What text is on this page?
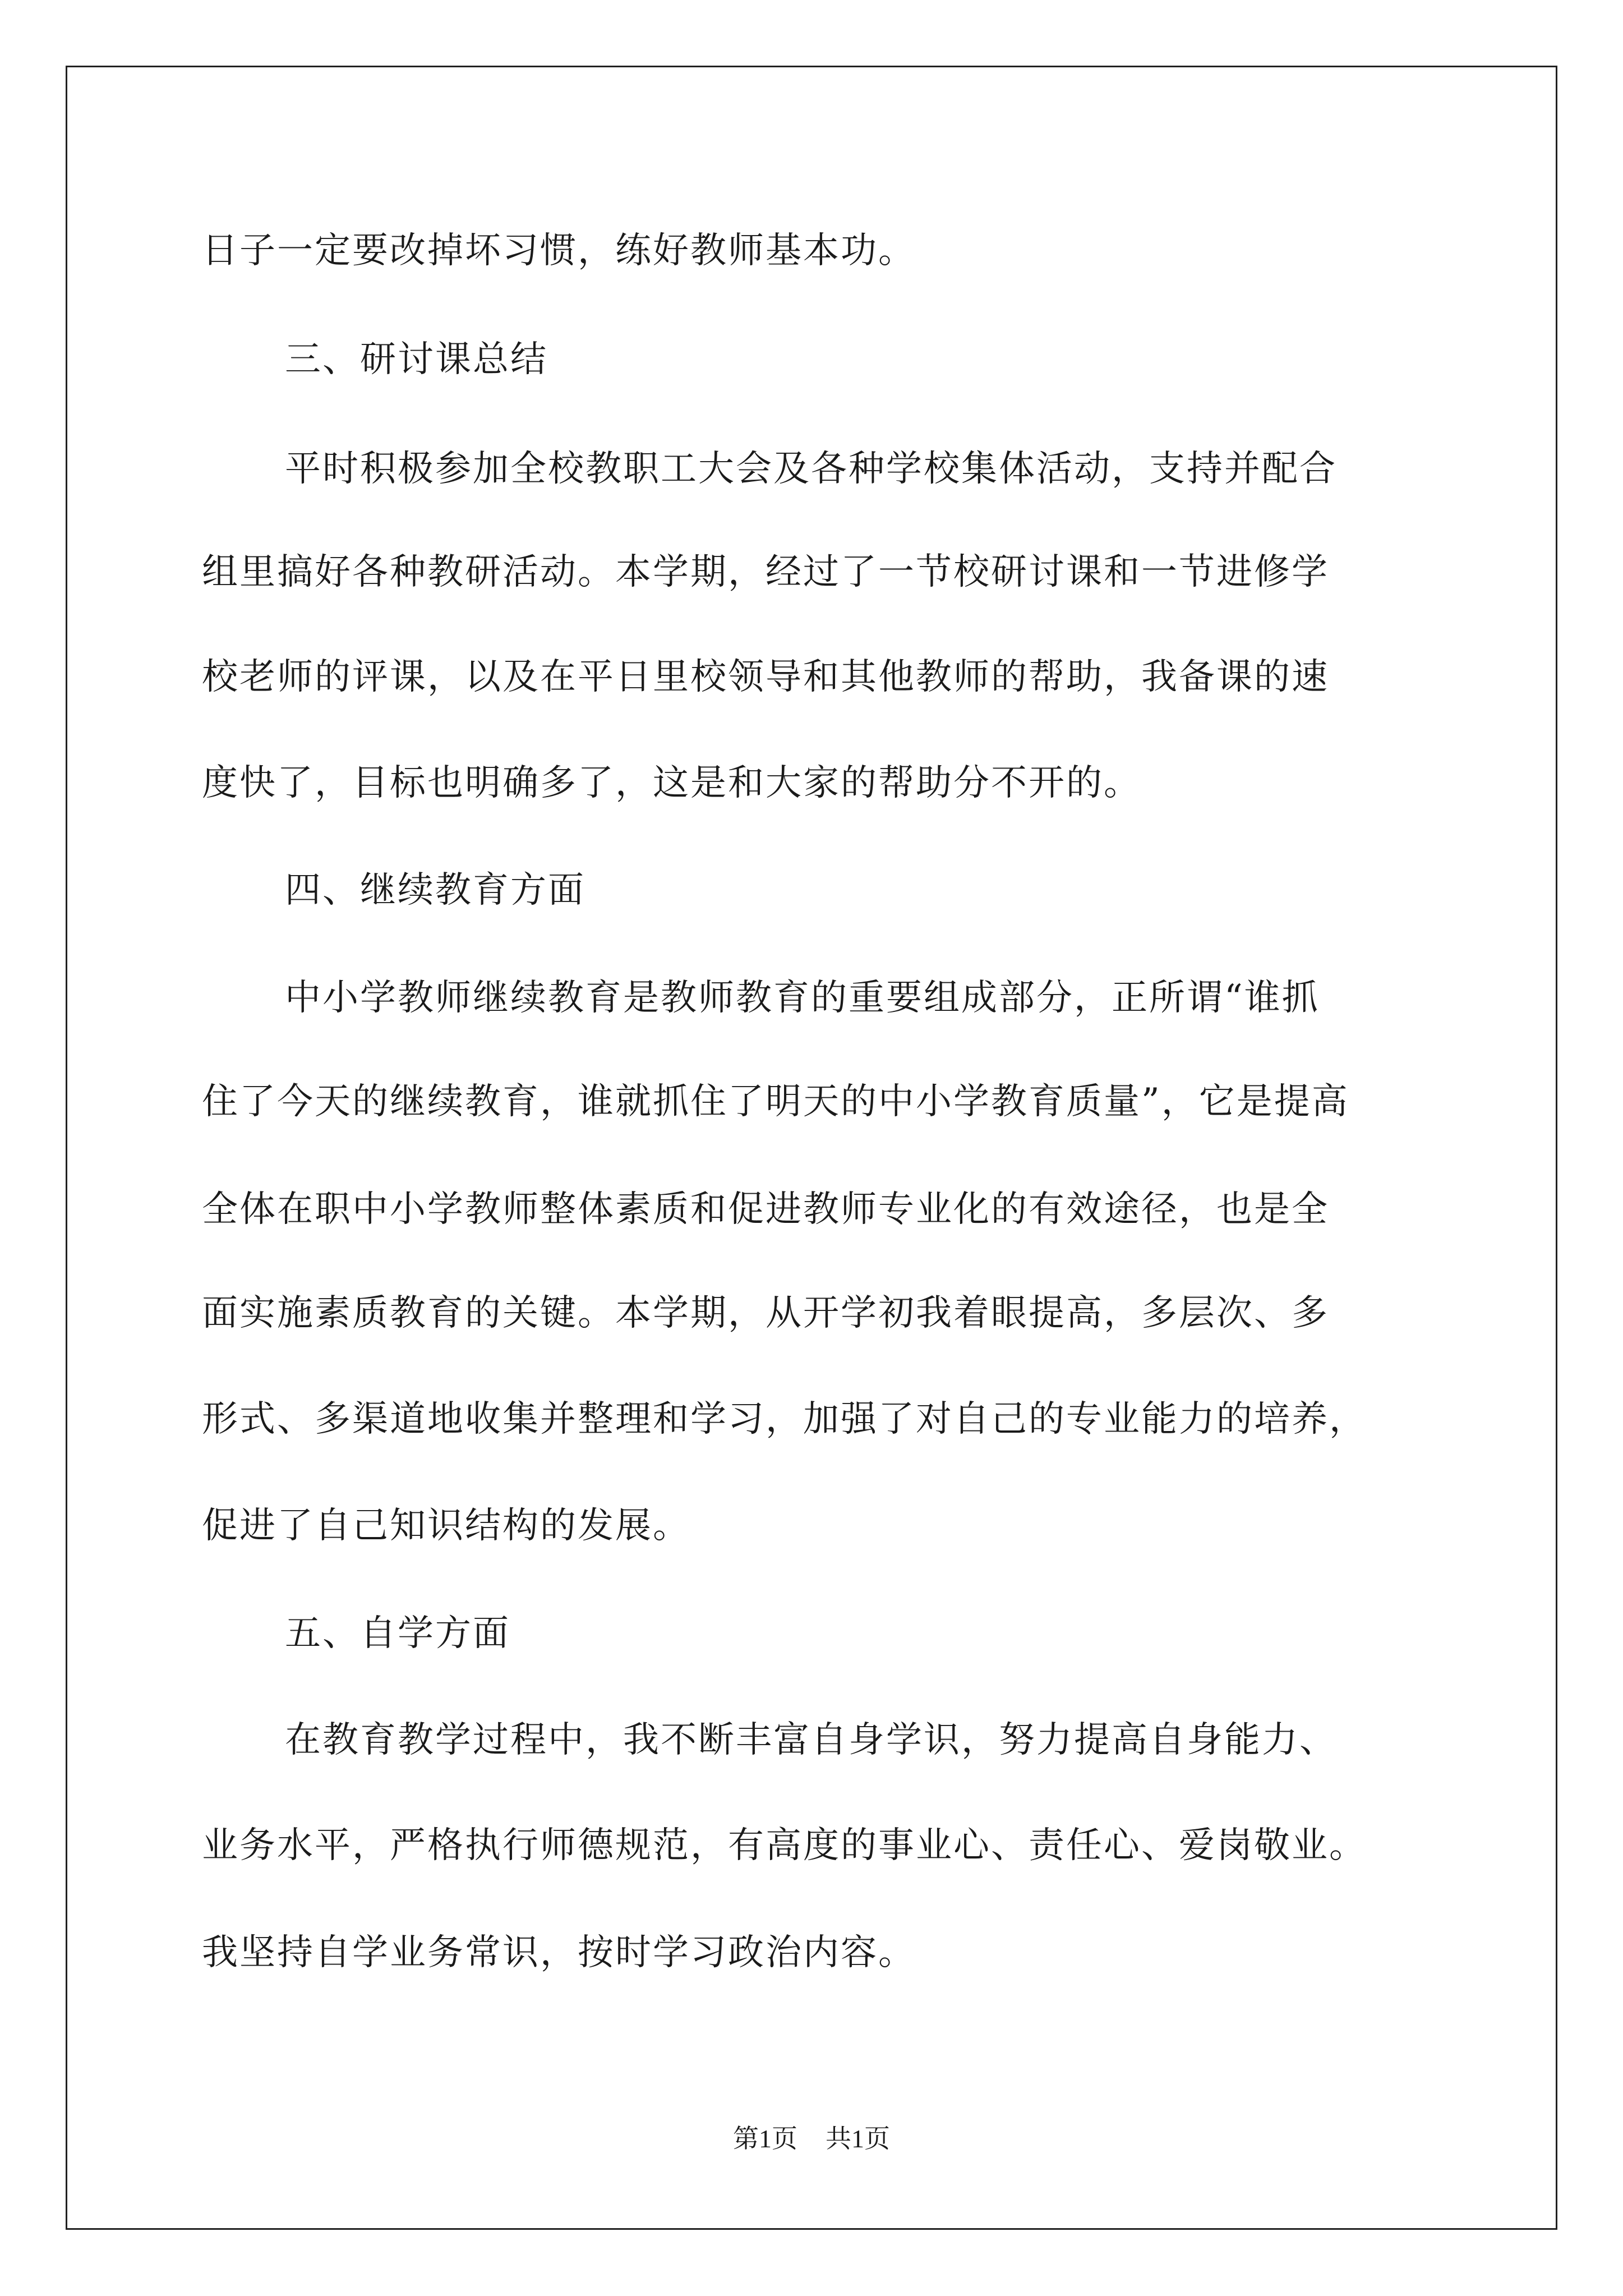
日子一定要改掉坏习惯，练好教师基本功。
三、研讨课总结
平时积极参加全校教职工大会及各种学校集体活动，支持并配合
组里搞好各种教研活动。本学期，经过了一节校研讨课和一节进修学
校老师的评课，以及在平日里校领导和其他教师的帮助，我备课的速
度快了，目标也明确多了，这是和大家的帮助分不开的。
四、继续教育方面
中小学教师继续教育是教师教育的重要组成部分，正所谓“谁抓
住了今天的继续教育，谁就抓住了明天的中小学教育质量”，它是提高
全体在职中小学教师整体素质和促进教师专业化的有效途径，也是全
面实施素质教育的关键。本学期，从开学初我着眼提高，多层次、多
形式、多渠道地收集并整理和学习，加强了对自己的专业能力的培养，
促进了自己知识结构的发展。
五、自学方面
在教育教学过程中，我不断丰富自身学识，努力提高自身能力、
业务水平，严格执行师德规范，有高度的事业心、责任心、爱岗敬业。
我坚持自学业务常识，按时学习政治内容。
第1页 共1页
